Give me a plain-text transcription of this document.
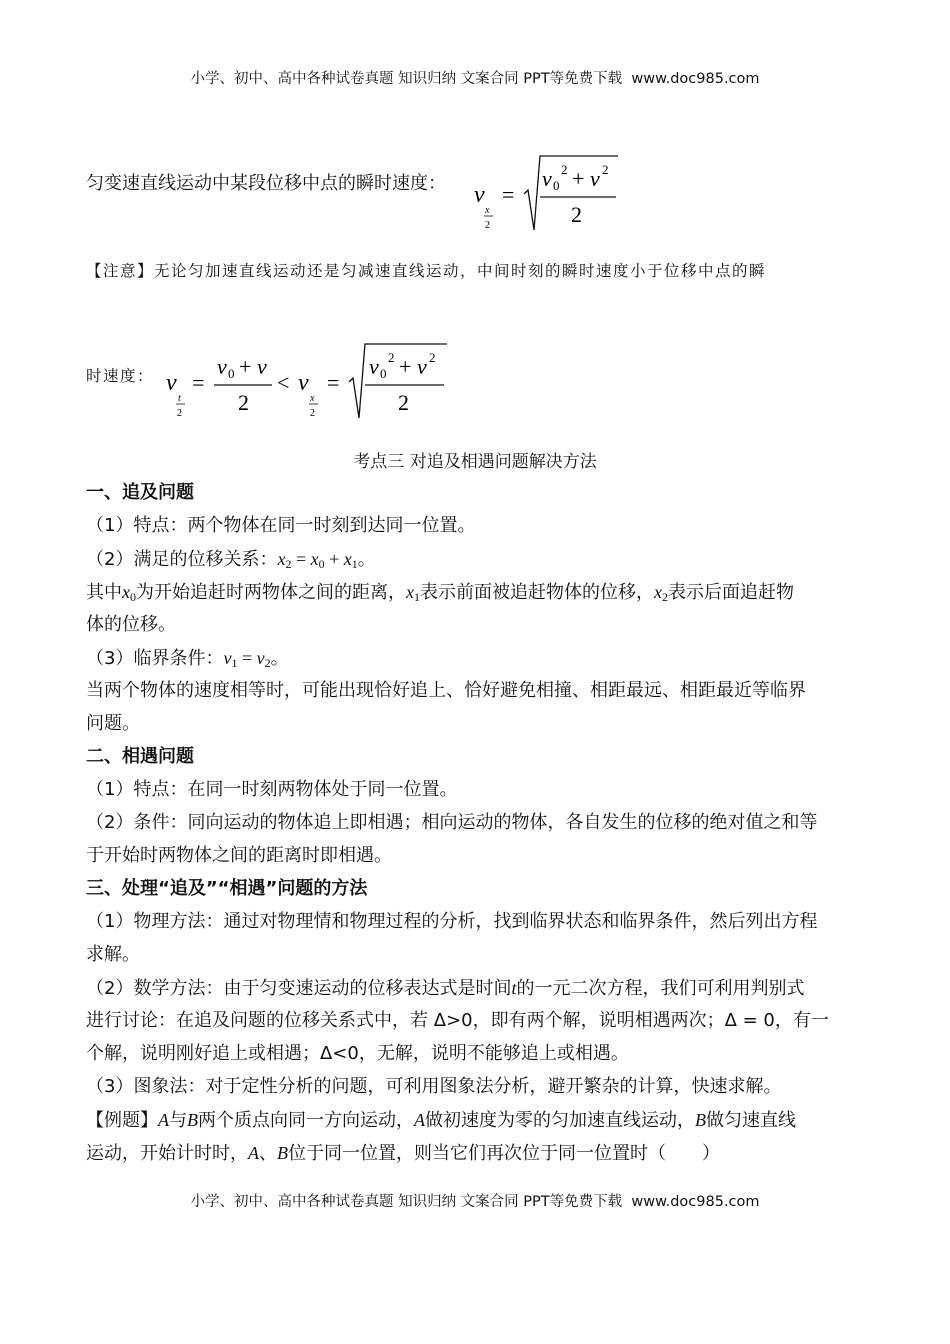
小学、初中、高中各种试卷真题 知识归纳 文案合同 PPT等免费下载 www.doc985.com
匀变速直线运动中某段位移中点的瞬时速度： v
x
2
=
v 0
2 + v 2
2
【注意】无论匀加速直线运动还是匀减速直线运动，中间时刻的瞬时速度小于位移中点的瞬
时速度： v
t
2
=
v 0 + v
2
< v
x
2
=
v 0
2 + v 2
2
考点三 对追及相遇问题解决方法
一、追及问题
（1）特点：两个物体在同一时刻到达同一位置。
（2）满足的位移关系：$x_2 = x_0 + x_1$。
其中$x_0$为开始追赶时两物体之间的距离，$x_1$表示前面被追赶物体的位移，$x_2$表示后面追赶物
体的位移。
（3）临界条件：$v_1 = v_2$。
当两个物体的速度相等时，可能出现恰好追上、恰好避免相撞、相距最远、相距最近等临界
问题。
二、相遇问题
（1）特点：在同一时刻两物体处于同一位置。
（2）条件：同向运动的物体追上即相遇；相向运动的物体，各自发生的位移的绝对值之和等
于开始时两物体之间的距离时即相遇。
三、处理“追及”“相遇”问题的方法
（1）物理方法：通过对物理情和物理过程的分析，找到临界状态和临界条件，然后列出方程
求解。
（2）数学方法：由于匀变速运动的位移表达式是时间t的一元二次方程，我们可利用判别式
进行讨论：在追及问题的位移关系式中，若 Δ>0，即有两个解，说明相遇两次；Δ = 0，有一
个解，说明刚好追上或相遇；Δ<0，无解，说明不能够追上或相遇。
（3）图象法：对于定性分析的问题，可利用图象法分析，避开繁杂的计算，快速求解。
【例题】A与B两个质点向同一方向运动，A做初速度为零的匀加速直线运动，B做匀速直线
运动，开始计时时，A、B位于同一位置，则当它们再次位于同一位置时（　　）
小学、初中、高中各种试卷真题 知识归纳 文案合同 PPT等免费下载 www.doc985.com
